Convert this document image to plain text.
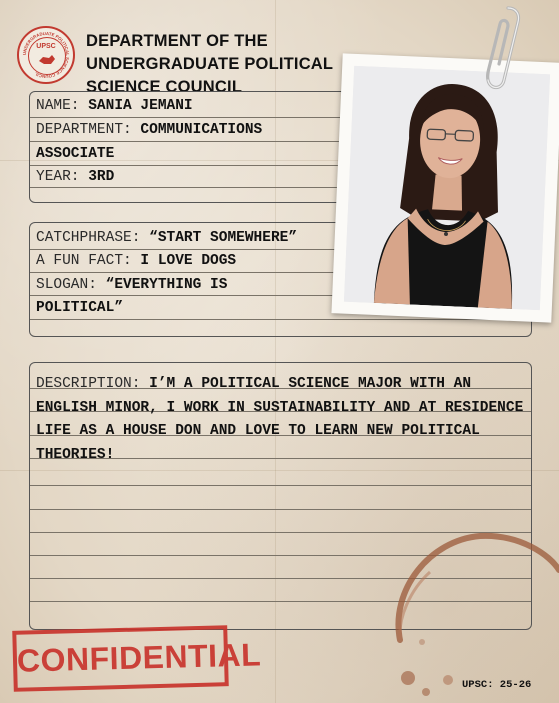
UNDERGRADUATE POLITICAL SCIENCE COUNCIL
UPSC	DEPARTMENT OF THE UNDERGRADUATE POLITICAL SCIENCE COUNCIL
NAME: SANIA JEMANI
DEPARTMENT: COMMUNICATIONS
ASSOCIATE
YEAR: 3RD
CATCHPHRASE: “START SOMEWHERE”
A FUN FACT: I LOVE DOGS
SLOGAN: “EVERYTHING IS
POLITICAL”
DESCRIPTION: I’M A POLITICAL SCIENCE MAJOR WITH AN ENGLISH MINOR, I WORK IN SUSTAINABILITY AND AT RESIDENCE LIFE AS A HOUSE DON AND LOVE TO LEARN NEW POLITICAL THEORIES!
CONFIDENTIAL
UPSC: 25-26
